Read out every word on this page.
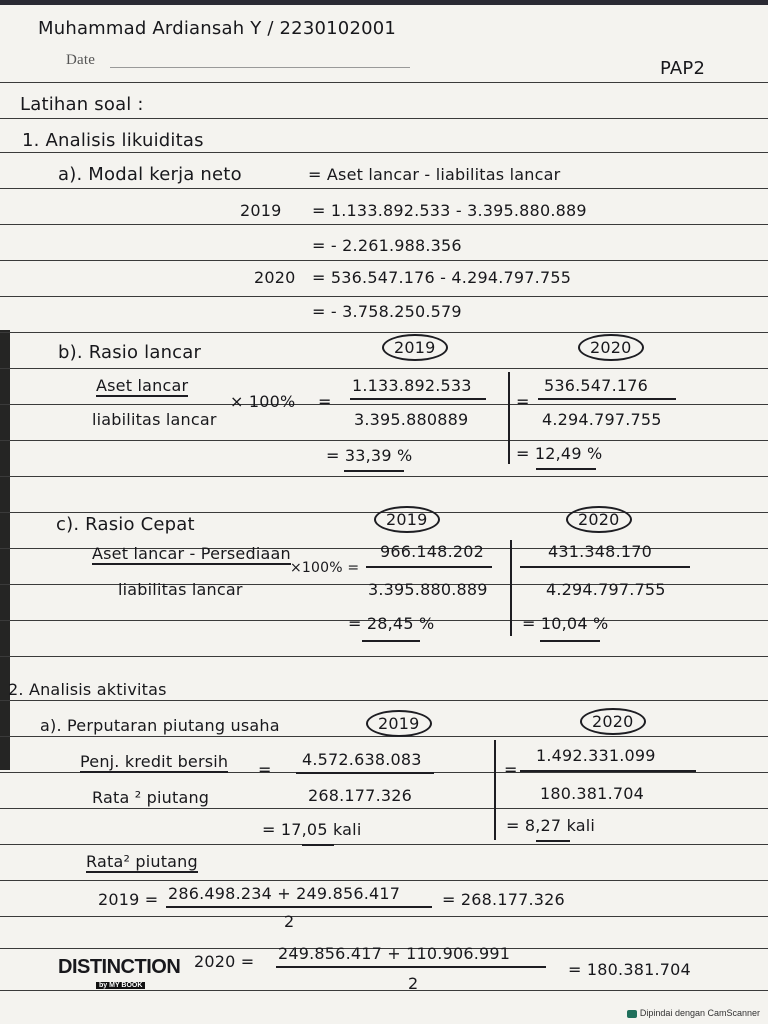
Muhammad Ardiansah Y / 2230102001
Date	PAP2
Latihan soal :
1. Analisis likuiditas
a). Modal kerja neto	= Aset lancar - liabilitas lancar
2019 = 1.133.892.533 - 3.395.880.889
= - 2.261.988.356
2020 = 536.547.176 - 4.294.797.755
= - 3.758.250.579
b). Rasio lancar	2019	2020
Aset lancar
liabilitas lancar
× 100% =
1.133.892.533
3.395.880889
=
536.547.176
4.294.797.755
= 33,39 %	= 12,49 %
c). Rasio Cepat	2019	2020
Aset lancar - Persediaan
liabilitas lancar
×100% =
966.148.202
3.395.880.889
431.348.170
4.294.797.755
= 28,45 %	= 10,04 %
2. Analisis aktivitas
a). Perputaran piutang usaha	2019	2020
Penj. kredit bersih
Rata ² piutang
=
4.572.638.083
268.177.326
=
1.492.331.099
180.381.704
= 17,05 kali	= 8,27 kali
Rata² piutang
2019 = 286.498.234 + 249.856.417
2
= 268.177.326
2020 = 249.856.417 + 110.906.991
2
= 180.381.704
DISTINCTION
by MY BOOK
Dipindai dengan CamScanner
